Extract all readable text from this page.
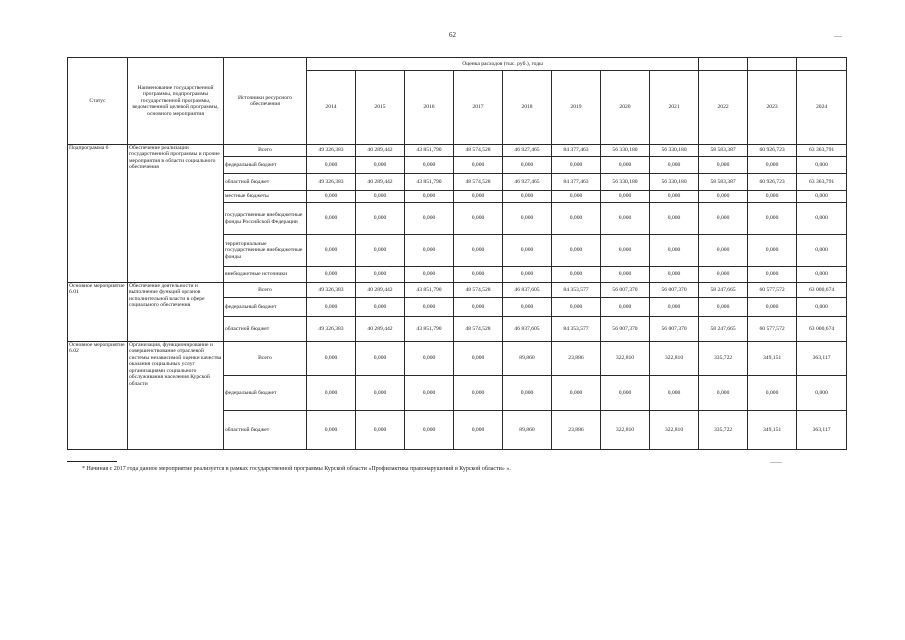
62
Статус	Наименование государственной программы, подпрограммы государственной программы, ведомственной целевой программы, основного мероприятия	Источники ресурсного обеспечения	Оценка расходов (тыс. руб.), годы										
			2014	2015	2016	2017	2018	2019	2020	2021	2022	2023	2024
Подпрограмма 6	Обеспечение реализации государственной программы и прочие мероприятия в области социального обеспечения	Всего	49 326,383	40 289,442	43 851,790	48 574,528	46 927,465	84 377,463	56 330,180	56 330,180	58 583,387	60 926,723	63 363,791
		федеральный бюджет	0,000	0,000	0,000	0,000	0,000	0,000	0,000	0,000	0,000	0,000	0,000
		областной бюджет	49 326,383	40 289,442	43 851,790	48 574,528	46 927,465	84 377,463	56 330,180	56 330,180	58 583,387	60 926,723	63 363,791
		местные бюджеты	0,000	0,000	0,000	0,000	0,000	0,000	0,000	0,000	0,000	0,000	0,000
		государственные внебюджетные фонды Российской Федерации	0,000	0,000	0,000	0,000	0,000	0,000	0,000	0,000	0,000	0,000	0,000
		территориальные государственные внебюджетные фонды	0,000	0,000	0,000	0,000	0,000	0,000	0,000	0,000	0,000	0,000	0,000
		внебюджетные источники	0,000	0,000	0,000	0,000	0,000	0,000	0,000	0,000	0,000	0,000	0,000
Основное мероприятие 6.01	Обеспечение деятельности и выполнение функций органов исполнительной власти в сфере социального обеспечения	Всего	49 326,383	40 289,442	43 851,790	48 574,528	46 837,605	84 353,577	56 007,370	56 007,370	58 247,665	60 577,572	63 000,674
		федеральный бюджет	0,000	0,000	0,000	0,000	0,000	0,000	0,000	0,000	0,000	0,000	0,000
		областной бюджет	49 326,383	40 289,442	43 851,790	48 574,528	46 837,605	84 353,577	56 007,370	56 007,370	58 247,665	60 577,572	63 000,674
Основное мероприятие 6.02	Организация, функционирование и совершенствование отраслевой системы независимой оценки качества оказания социальных услуг организациями социального обслуживания населения Курской области	Всего	0,000	0,000	0,000	0,000	89,860	23,886	322,810	322,810	335,722	349,151	363,117
		федеральный бюджет	0,000	0,000	0,000	0,000	0,000	0,000	0,000	0,000	0,000	0,000	0,000
		областной бюджет	0,000	0,000	0,000	0,000	89,860	23,886	322,810	322,810	335,722	349,151	363,117
* Начиная с 2017 года данное мероприятие реализуется в рамках государственной программы Курской области «Профилактика правонарушений в Курской области» ».
